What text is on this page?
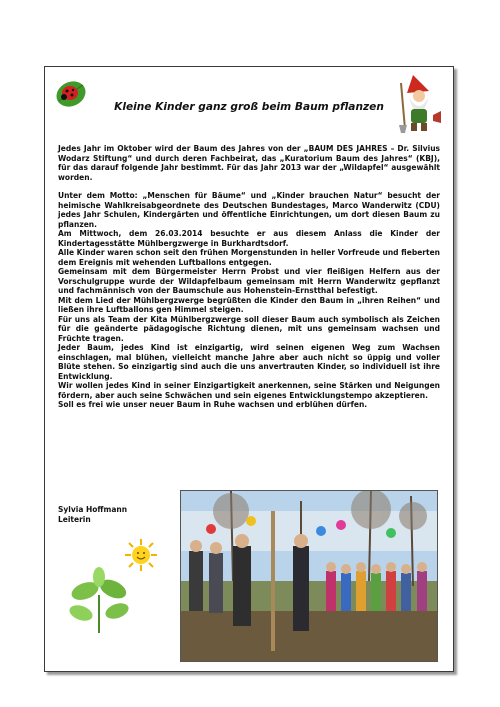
Kleine Kinder ganz groß beim Baum pflanzen

Jedes Jahr im Oktober wird der Baum des Jahres von der „BAUM DES JAHRES – Dr. Silvius Wodarz Stiftung“ und durch deren Fachbeirat, das „Kuratorium Baum des Jahres“ (KBJ), für das darauf folgende Jahr bestimmt. Für das Jahr 2013 war der „Wildapfel“ ausgewählt worden.

Unter dem Motto: „Menschen für Bäume“ und „Kinder brauchen Natur“ besucht der heimische Wahlkreisabgeordnete des Deutschen Bundestages, Marco Wanderwitz (CDU) jedes Jahr Schulen, Kindergärten und öffentliche Einrichtungen, um dort diesen Baum zu pflanzen.

Am Mittwoch, dem 26.03.2014 besuchte er aus diesem Anlass die Kinder der Kindertagesstätte Mühlbergzwerge in Burkhardtsdorf.

Alle Kinder waren schon seit den frühen Morgenstunden in heller Vorfreude und fieberten dem Ereignis mit wehenden Luftballons entgegen.

Gemeinsam mit dem Bürgermeister Herrn Probst und vier fleißigen Helfern aus der Vorschulgruppe wurde der Wildapfelbaum gemeinsam mit Herrn Wanderwitz gepflanzt und fachmännisch von der Baumschule aus Hohenstein-Ernstthal befestigt.

Mit dem Lied der Mühlbergzwerge begrüßten die Kinder den Baum in „ihren Reihen“ und ließen ihre Luftballons gen Himmel steigen.

Für uns als Team der Kita Mühlbergzwerge soll dieser Baum auch symbolisch als Zeichen für die geänderte pädagogische Richtung dienen, mit uns gemeinsam wachsen und Früchte tragen.

Jeder Baum, jedes Kind ist einzigartig, wird seinen eigenen Weg zum Wachsen einschlagen, mal blühen, vielleicht manche Jahre aber auch nicht so üppig und voller Blüte stehen. So einzigartig sind auch die uns anvertrauten Kinder, so individuell ist ihre Entwicklung.

Wir wollen jedes Kind in seiner Einzigartigkeit anerkennen, seine Stärken und Neigungen fördern, aber auch seine Schwächen und sein eigenes Entwicklungstempo akzeptieren.

Soll es frei wie unser neuer Baum in Ruhe wachsen und erblühen dürfen.

Sylvia Hoffmann
Leiterin
